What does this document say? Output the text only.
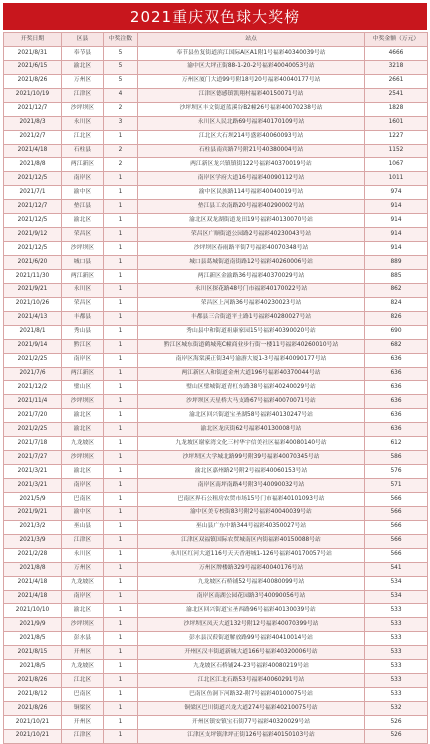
2021重庆双色球大奖榜
开奖日期	区县	中奖注数	站点	中奖金额（万元）
2021/8/31	奉节县	5	奉节县鱼复街道滨江国际A区A1附1号福彩40340039号站	4666
2021/6/15	渝北区	5	渝中区大坪正街88-1-20-2号福彩40040053号站	3218
2021/8/26	万州区	5	万州区厦门大道99号附18号20号福彩40040177号站	2661
2021/10/19	江津区	4	江津区德感镇凯翔村福彩40150071号站	2541
2021/12/7	沙坪坝区	2	沙坪坝区丰文街道蓝溪谷B2幢26号福彩40070238号站	1828
2021/8/3	永川区	3	永川区人民北路69号福彩40170109号站	1601
2021/2/7	江北区	1	江北区大石坝214号盛彩40060093号站	1227
2021/4/18	石柱县	2	石柱县南宾路7号附21号40380004号站	1152
2021/8/8	两江新区	2	两江新区龙兴镇镇街122号福彩40370019号站	1067
2021/12/5	南岸区	1	南岸区学府大道16号福彩40090112号站	1011
2021/7/1	渝中区	1	渝中区民族路114号福彩40040019号站	974
2021/12/7	垫江县	1	垫江县工农南路20号福彩40290002号站	914
2021/12/5	渝北区	1	渝北区双龙湖街道龙田19号福彩40130070号站	914
2021/9/12	荣昌区	1	荣昌区广顺街道公园路2号福彩40230043号站	914
2021/12/5	沙坪坝区	1	沙坪坝区春雨路平街7号福彩40070348号站	914
2021/6/20	城口县	1	城口县葛城街道南街路12号福彩40260006号站	889
2021/11/30	两江新区	1	两江新区金渝路36号福彩40370029号站	885
2021/9/21	永川区	1	永川区探花路48号门市福彩40170022号站	862
2021/10/26	荣昌区	1	荣昌区上河路36号福彩40230023号站	824
2021/4/13	丰都县	1	丰都县三合街道平土路1号福彩40280027号站	826
2021/8/1	秀山县	1	秀山县中和街道祖康家园15号福彩40390020号站	690
2021/9/14	黔江区	1	黔江区城东街道鹤城苑C幢商业步行街一楼11号福彩40260010号站	682
2021/2/25	南岸区	1	南岸区海棠溪正街34号渝游大厦1-3号福彩40090177号站	636
2021/7/6	两江新区	1	两江新区人和街道金州大道196号福彩40370044号站	636
2021/12/2	璧山区	1	璧山区璧城街道青杠东路38号福彩40240029号站	636
2021/11/4	沙坪坝区	1	沙坪坝区天星桥大马支路67号福彩40070071号站	636
2021/7/20	渝北区	1	渝北区回兴街道宝圣湖58号福彩40130247号站	636
2021/2/25	渝北区	1	渝北区龙庆街62号福彩40130008号站	636
2021/7/18	九龙坡区	1	九龙坡区谢家湾文化三村华宇信美社区福彩40080140号站	612
2021/7/27	沙坪坝区	1	沙坪坝区大学城北路99号附39号福彩40070345号站	586
2021/3/21	渝北区	1	渝北区嘉州路2号附2号福彩40060153号站	576
2021/3/21	南岸区	1	南岸区南坪南路4号附3号40090032号站	571
2021/5/9	巴南区	1	巴南区界石公租房农贸市场15号门市福彩40101093号站	566
2021/9/21	渝中区	1	渝中区美专校街83号附2号福彩40040039号站	566
2021/3/2	巫山县	1	巫山县广东中路344号福彩40350027号站	566
2021/3/9	江津区	1	江津区双福镇国际农贸城南区内街福彩40150088号站	566
2021/2/28	永川区	1	永川区红河大道116号天天香港城1-126号福彩40170057号站	566
2021/8/8	万州区	1	万州区牌楼路329号福彩40040176号站	541
2021/4/18	九龙坡区	1	九龙坡区石桥铺52号福彩40080099号站	534
2021/4/18	南岸区	1	南岸区南湖公园花园路3号40090056号站	534
2021/10/10	渝北区	1	渝北区回兴街道宝圣西路96号福彩40130039号站	533
2021/9/9	沙坪坝区	1	沙坪坝区凤天大道132号附12号福彩40070399号站	533
2021/8/5	彭水县	1	彭水县汉葭街道解放路99号福彩40410014号站	533
2021/8/15	开州区	1	开州区汉丰街道新城大道166号福彩40320006号站	533
2021/8/5	九龙坡区	1	九龙坡区石桥铺24-23号福彩40080219号站	533
2021/8/26	江北区	1	江北区江北石路53号福彩40060291号站	533
2021/8/12	巴南区	1	巴南区鱼洞下河路32-附7号福彩40100075号站	533
2021/8/26	铜梁区	1	铜梁区巴川街道兴龙大道274号福彩40210075号站	532
2021/10/21	开州区	1	开州区镇安镇宝石街77号福彩40320029号站	526
2021/10/21	江津区	1	江津区支坪镇津坪正街126号福彩40150103号站	526
